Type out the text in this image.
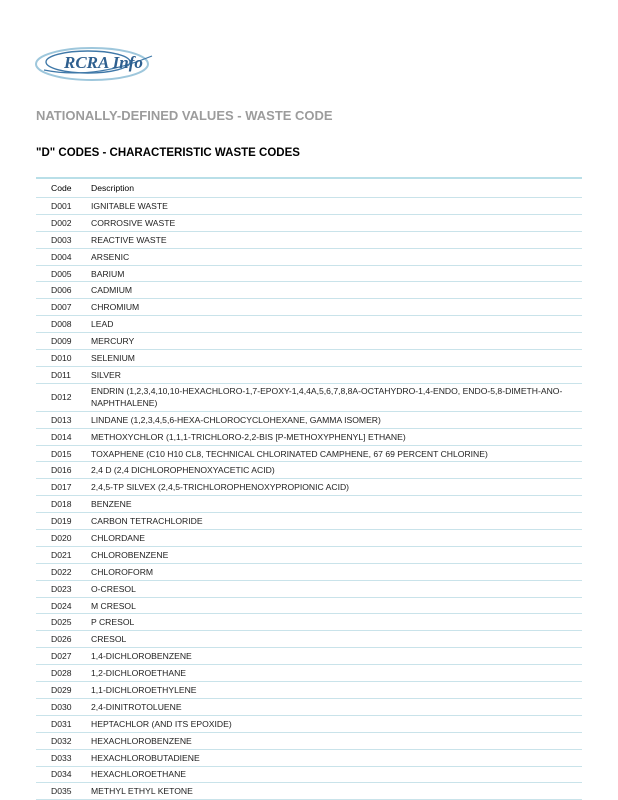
RCRA Info
NATIONALLY-DEFINED VALUES - WASTE CODE
"D" CODES - CHARACTERISTIC WASTE CODES
Code	Description
D001	IGNITABLE WASTE
D002	CORROSIVE WASTE
D003	REACTIVE WASTE
D004	ARSENIC
D005	BARIUM
D006	CADMIUM
D007	CHROMIUM
D008	LEAD
D009	MERCURY
D010	SELENIUM
D011	SILVER
D012	ENDRIN (1,2,3,4,10,10-HEXACHLORO-1,7-EPOXY-1,4,4A,5,6,7,8,8A-OCTAHYDRO-1,4-ENDO, ENDO-5,8-DIMETH-ANO-NAPHTHALENE)
D013	LINDANE (1,2,3,4,5,6-HEXA-CHLOROCYCLOHEXANE, GAMMA ISOMER)
D014	METHOXYCHLOR (1,1,1-TRICHLORO-2,2-BIS [P-METHOXYPHENYL] ETHANE)
D015	TOXAPHENE (C10 H10 CL8, TECHNICAL CHLORINATED CAMPHENE, 67 69 PERCENT CHLORINE)
D016	2,4 D (2,4 DICHLOROPHENOXYACETIC ACID)
D017	2,4,5-TP SILVEX (2,4,5-TRICHLOROPHENOXYPROPIONIC ACID)
D018	BENZENE
D019	CARBON TETRACHLORIDE
D020	CHLORDANE
D021	CHLOROBENZENE
D022	CHLOROFORM
D023	O-CRESOL
D024	M CRESOL
D025	P CRESOL
D026	CRESOL
D027	1,4-DICHLOROBENZENE
D028	1,2-DICHLOROETHANE
D029	1,1-DICHLOROETHYLENE
D030	2,4-DINITROTOLUENE
D031	HEPTACHLOR (AND ITS EPOXIDE)
D032	HEXACHLOROBENZENE
D033	HEXACHLOROBUTADIENE
D034	HEXACHLOROETHANE
D035	METHYL ETHYL KETONE
